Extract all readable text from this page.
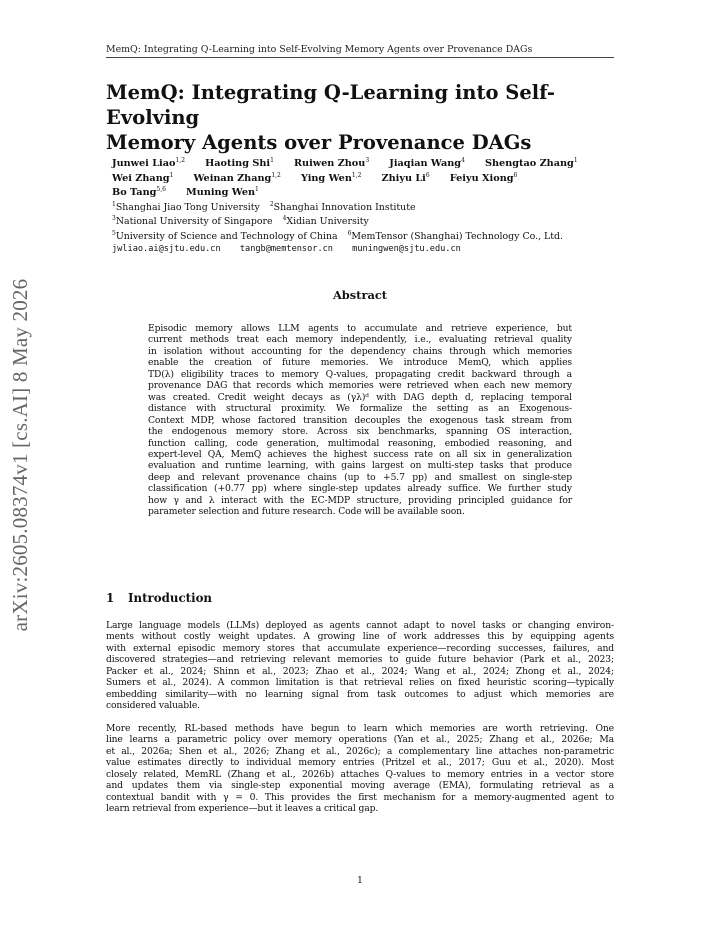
MemQ: Integrating Q-Learning into Self-Evolving Memory Agents over Provenance DAGs
arXiv:2605.08374v1 [cs.AI] 8 May 2026
MemQ: Integrating Q-Learning into Self-Evolving
Memory Agents over Provenance DAGs
Junwei Liao$^{1,2}$ Haoting Shi$^1$ Ruiwen Zhou$^3$ Jiaqian Wang$^4$ Shengtao Zhang$^1$
Wei Zhang$^1$ Weinan Zhang$^{1,2}$ Ying Wen$^{1,2}$ Zhiyu Li$^6$ Feiyu Xiong$^6$
Bo Tang$^{5,6}$ Muning Wen$^1$
$^1$Shanghai Jiao Tong University $^2$Shanghai Innovation Institute
$^3$National University of Singapore $^4$Xidian University
$^5$University of Science and Technology of China $^6$MemTensor (Shanghai) Technology Co., Ltd.
jwliao.ai@sjtu.edu.cn tangb@memtensor.cn muningwen@sjtu.edu.cn
Abstract
Episodic memory allows LLM agents to accumulate and retrieve experience, but
current methods treat each memory independently, i.e., evaluating retrieval quality
in isolation without accounting for the dependency chains through which memories
enable the creation of future memories. We introduce MemQ, which applies
TD(λ) eligibility traces to memory Q-values, propagating credit backward through a
provenance DAG that records which memories were retrieved when each new memory
was created. Credit weight decays as (γλ)ᵈ with DAG depth d, replacing temporal
distance with structural proximity. We formalize the setting as an Exogenous-
Context MDP, whose factored transition decouples the exogenous task stream from
the endogenous memory store. Across six benchmarks, spanning OS interaction,
function calling, code generation, multimodal reasoning, embodied reasoning, and
expert-level QA, MemQ achieves the highest success rate on all six in generalization
evaluation and runtime learning, with gains largest on multi-step tasks that produce
deep and relevant provenance chains (up to +5.7 pp) and smallest on single-step
classification (+0.77 pp) where single-step updates already suffice. We further study
how γ and λ interact with the EC-MDP structure, providing principled guidance for
parameter selection and future research. Code will be available soon.
1 Introduction
Large language models (LLMs) deployed as agents cannot adapt to novel tasks or changing environ-
ments without costly weight updates. A growing line of work addresses this by equipping agents
with external episodic memory stores that accumulate experience—recording successes, failures, and
discovered strategies—and retrieving relevant memories to guide future behavior (Park et al., 2023;
Packer et al., 2024; Shinn et al., 2023; Zhao et al., 2024; Wang et al., 2024; Zhong et al., 2024;
Sumers et al., 2024). A common limitation is that retrieval relies on fixed heuristic scoring—typically
embedding similarity—with no learning signal from task outcomes to adjust which memories are
considered valuable.
More recently, RL-based methods have begun to learn which memories are worth retrieving. One
line learns a parametric policy over memory operations (Yan et al., 2025; Zhang et al., 2026e; Ma
et al., 2026a; Shen et al., 2026; Zhang et al., 2026c); a complementary line attaches non-parametric
value estimates directly to individual memory entries (Pritzel et al., 2017; Guu et al., 2020). Most
closely related, MemRL (Zhang et al., 2026b) attaches Q-values to memory entries in a vector store
and updates them via single-step exponential moving average (EMA), formulating retrieval as a
contextual bandit with γ = 0. This provides the first mechanism for a memory-augmented agent to
learn retrieval from experience—but it leaves a critical gap.
1
